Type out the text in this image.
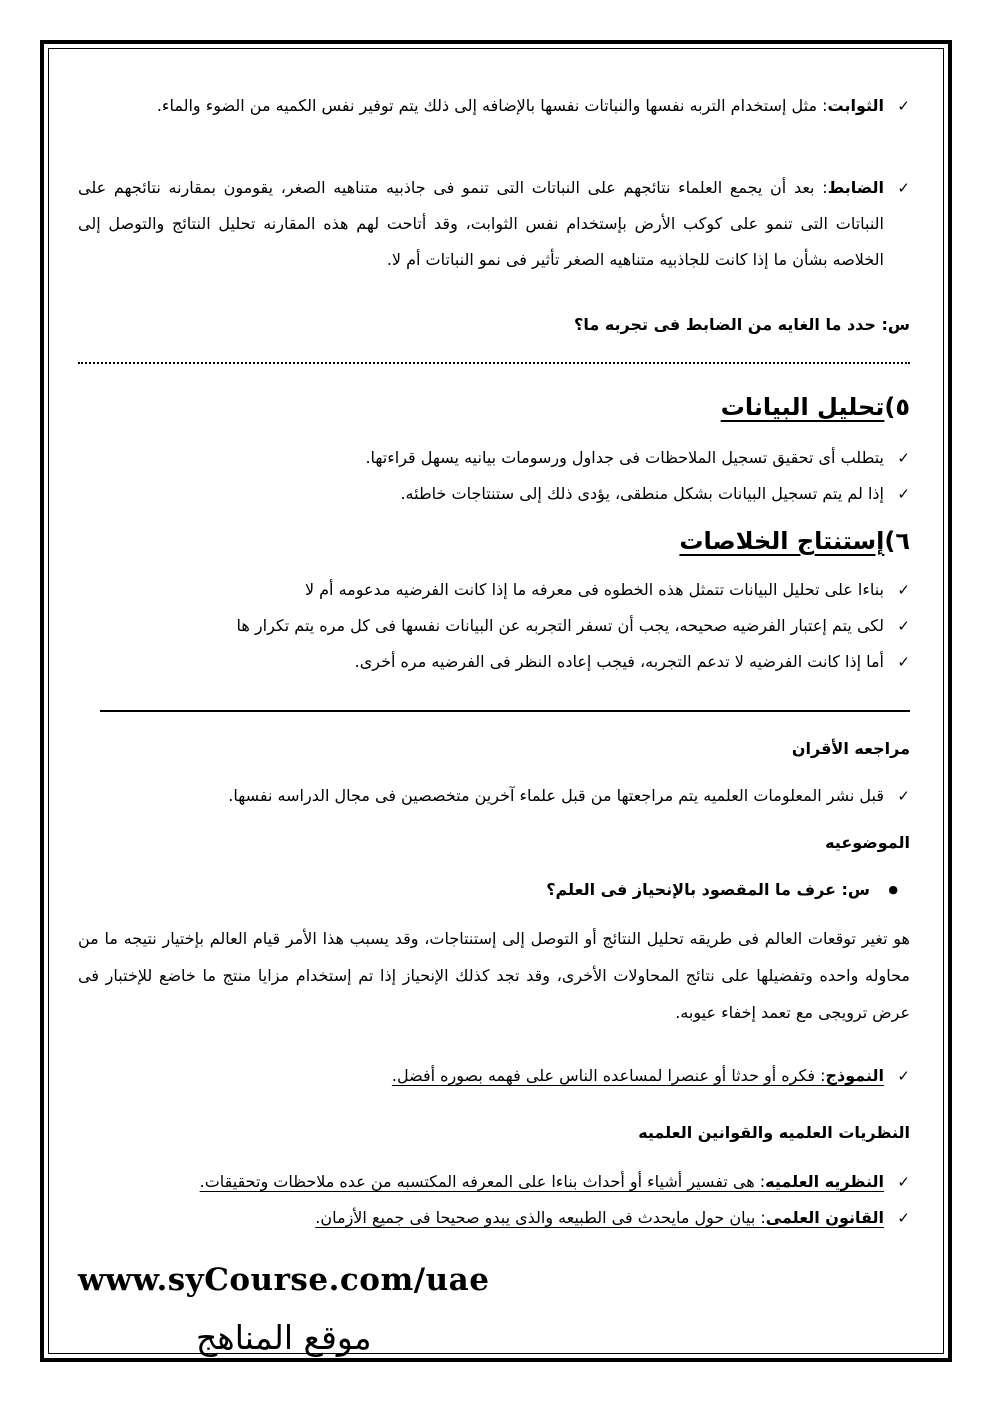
✓ الثوابت: مثل إستخدام التربه نفسها والنباتات نفسها بالإضافه إلى ذلك يتم توفير نفس الكميه من الضوء والماء.
✓ الضابط: بعد أن يجمع العلماء نتائجهم على النباتات التى تنمو فى جاذبيه متناهيه الصغر، يقومون بمقارنه نتائجهم على النباتات التى تنمو على كوكب الأرض بإستخدام نفس الثوابت، وقد أتاحت لهم هذه المقارنه تحليل النتائج والتوصل إلى الخلاصه بشأن ما إذا كانت للجاذبيه متناهيه الصغر تأثير فى نمو النباتات أم لا.
س: حدد ما الغايه من الضابط فى تجربه ما؟
٥)تحليل البيانات
✓ يتطلب أى تحقيق تسجيل الملاحظات فى جداول ورسومات بيانيه يسهل قراءتها.
✓ إذا لم يتم تسجيل البيانات بشكل منطقى، يؤدى ذلك إلى ستنتاجات خاطئه.
٦)إستنتاج الخلاصات
✓ بناءا على تحليل البيانات تتمثل هذه الخطوه فى معرفه ما إذا كانت الفرضيه مدعومه أم لا
✓ لكى يتم إعتبار الفرضيه صحيحه، يجب أن تسفر التجربه عن البيانات نفسها فى كل مره يتم تكرار ها
✓ أما إذا كانت الفرضيه لا تدعم التجربه، فيجب إعاده النظر فى الفرضيه مره أخرى.
مراجعه الأقران
✓ قبل نشر المعلومات العلميه يتم مراجعتها من قبل علماء آخرين متخصصين فى مجال الدراسه نفسها.
الموضوعيه
● س: عرف ما المقصود بالإنحياز فى العلم؟
هو تغير توقعات العالم فى طريقه تحليل النتائج أو التوصل إلى إستنتاجات، وقد يسبب هذا الأمر قيام العالم بإختيار نتيجه ما من محاوله واحده وتفضيلها على نتائج المحاولات الأخرى، وقد تجد كذلك الإنحياز إذا تم إستخدام مزايا منتج ما خاضع للإختبار فى عرض ترويجى مع تعمد إخفاء عيوبه.
✓ النموذج: فكره أو حدثا أو عنصرا لمساعده الناس على فهمه بصوره أفضل.
النظريات العلميه والقوانين العلميه
✓ النظريه العلميه: هى تفسير أشياء أو أحداث بناءا على المعرفه المكتسبه من عده ملاحظات وتحقيقات.
✓ القانون العلمى: بيان حول مايحدث فى الطبيعه والذى يبدو صحيحا فى جميع الأزمان.
www.syCourse.com/uae
موقع المناهج
